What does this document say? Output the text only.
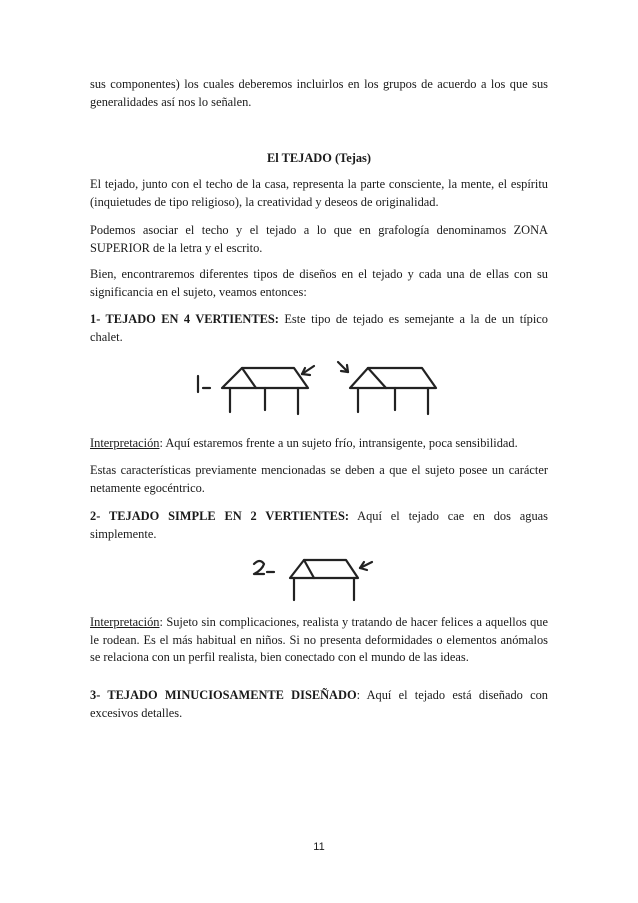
sus componentes) los cuales deberemos incluirlos en los grupos de acuerdo a los que sus generalidades así nos lo señalen.

El TEJADO (Tejas)

El tejado, junto con el techo de la casa, representa la parte consciente, la mente, el espíritu (inquietudes de tipo religioso), la creatividad y deseos de originalidad.

Podemos asociar el techo y el tejado a lo que en grafología denominamos ZONA SUPERIOR de la letra y el escrito.

Bien, encontraremos diferentes tipos de diseños en el tejado y cada una de ellas con su significancia en el sujeto, veamos entonces:

1- TEJADO EN 4 VERTIENTES: Este tipo de tejado es semejante a la de un típico chalet.

Interpretación: Aquí estaremos frente a un sujeto frío, intransigente, poca sensibilidad.

Estas características previamente mencionadas se deben a que el sujeto posee un carácter netamente egocéntrico.

2- TEJADO SIMPLE EN 2 VERTIENTES: Aquí el tejado cae en dos aguas simplemente.

Interpretación: Sujeto sin complicaciones, realista y tratando de hacer felices a aquellos que le rodean. Es el más habitual en niños. Si no presenta deformidades o elementos anómalos se relaciona con un perfil realista, bien conectado con el mundo de las ideas.

3- TEJADO MINUCIOSAMENTE DISEÑADO: Aquí el tejado está diseñado con excesivos detalles.

11
